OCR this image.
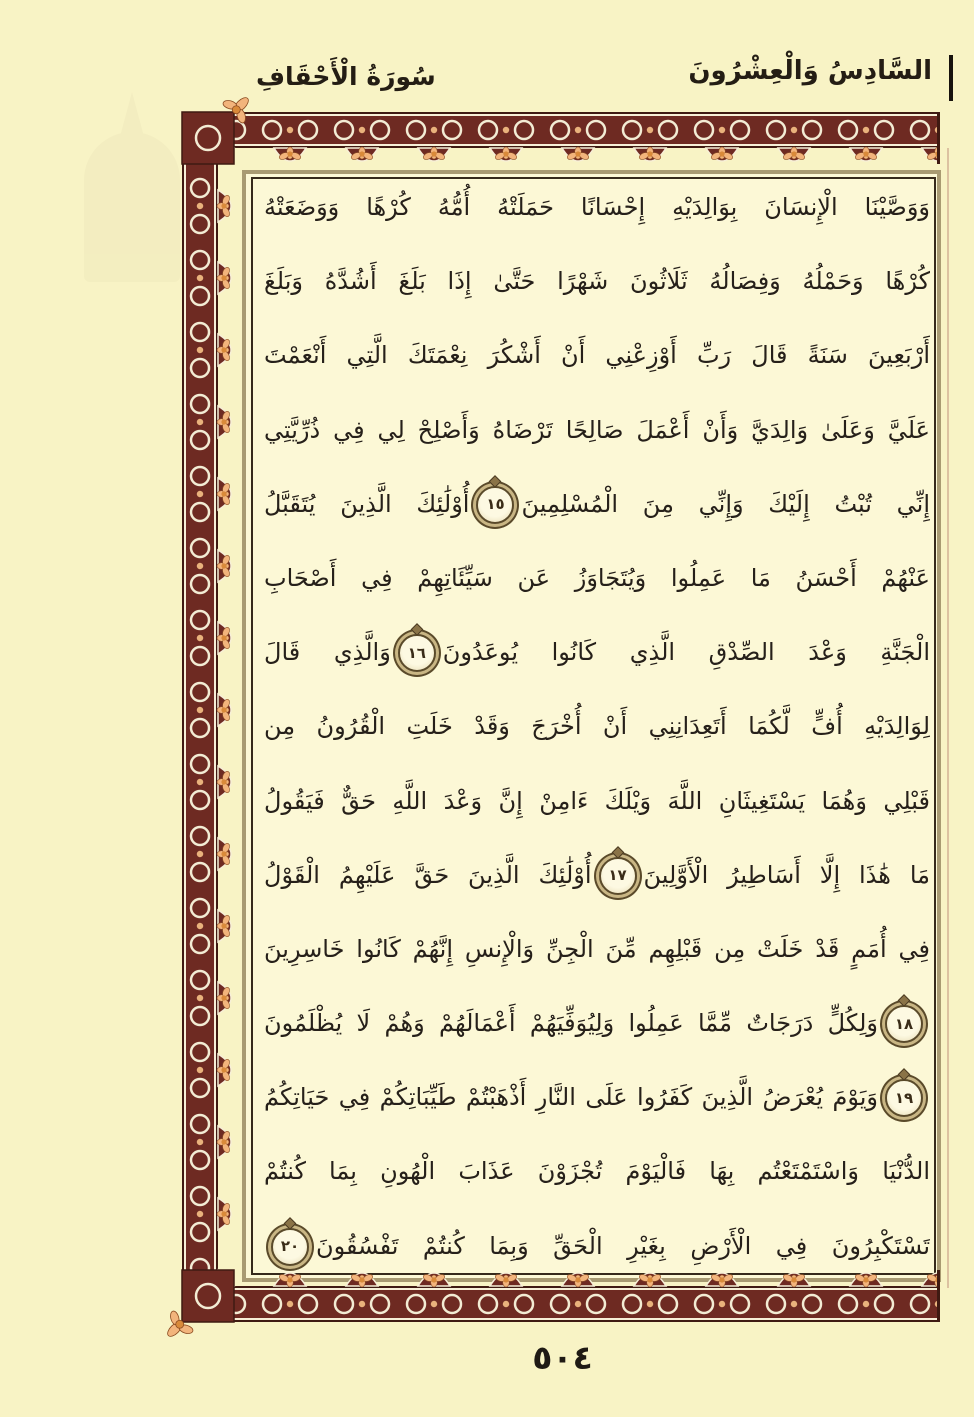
السَّادِسُ وَالْعِشْرُونَ
سُورَةُ الْأَحْقَافِ
وَوَصَّيْنَا الْإِنسَانَ بِوَالِدَيْهِ إِحْسَانًا حَمَلَتْهُ أُمُّهُ كُرْهًا وَوَضَعَتْهُ
كُرْهًا وَحَمْلُهُ وَفِصَالُهُ ثَلَاثُونَ شَهْرًا حَتَّىٰ إِذَا بَلَغَ أَشُدَّهُ وَبَلَغَ
أَرْبَعِينَ سَنَةً قَالَ رَبِّ أَوْزِعْنِي أَنْ أَشْكُرَ نِعْمَتَكَ الَّتِي أَنْعَمْتَ
عَلَيَّ وَعَلَىٰ وَالِدَيَّ وَأَنْ أَعْمَلَ صَالِحًا تَرْضَاهُ وَأَصْلِحْ لِي فِي ذُرِّيَّتِي
إِنِّي تُبْتُ إِلَيْكَ وَإِنِّي مِنَ الْمُسْلِمِينَ
١٥
أُوْلَٰئِكَ الَّذِينَ يُتَقَبَّلُ
عَنْهُمْ أَحْسَنُ مَا عَمِلُوا وَيُتَجَاوَزُ عَن سَيِّئَاتِهِمْ فِي أَصْحَابِ
الْجَنَّةِ وَعْدَ الصِّدْقِ الَّذِي كَانُوا يُوعَدُونَ
١٦
وَالَّذِي قَالَ
لِوَالِدَيْهِ أُفٍّ لَّكُمَا أَتَعِدَانِنِي أَنْ أُخْرَجَ وَقَدْ خَلَتِ الْقُرُونُ مِن
قَبْلِي وَهُمَا يَسْتَغِيثَانِ اللَّهَ وَيْلَكَ ءَامِنْ إِنَّ وَعْدَ اللَّهِ حَقٌّ فَيَقُولُ
مَا هَٰذَا إِلَّا أَسَاطِيرُ الْأَوَّلِينَ
١٧
أُوْلَٰئِكَ الَّذِينَ حَقَّ عَلَيْهِمُ الْقَوْلُ
فِي أُمَمٍ قَدْ خَلَتْ مِن قَبْلِهِم مِّنَ الْجِنِّ وَالْإِنسِ إِنَّهُمْ كَانُوا خَاسِرِينَ
١٨
وَلِكُلٍّ دَرَجَاتٌ مِّمَّا عَمِلُوا وَلِيُوَفِّيَهُمْ أَعْمَالَهُمْ وَهُمْ لَا يُظْلَمُونَ
١٩
وَيَوْمَ يُعْرَضُ الَّذِينَ كَفَرُوا عَلَى النَّارِ أَذْهَبْتُمْ طَيِّبَاتِكُمْ فِي حَيَاتِكُمُ
الدُّنْيَا وَاسْتَمْتَعْتُم بِهَا فَالْيَوْمَ تُجْزَوْنَ عَذَابَ الْهُونِ بِمَا كُنتُمْ
تَسْتَكْبِرُونَ فِي الْأَرْضِ بِغَيْرِ الْحَقِّ وَبِمَا كُنتُمْ تَفْسُقُونَ
٢٠
٥٠٤
